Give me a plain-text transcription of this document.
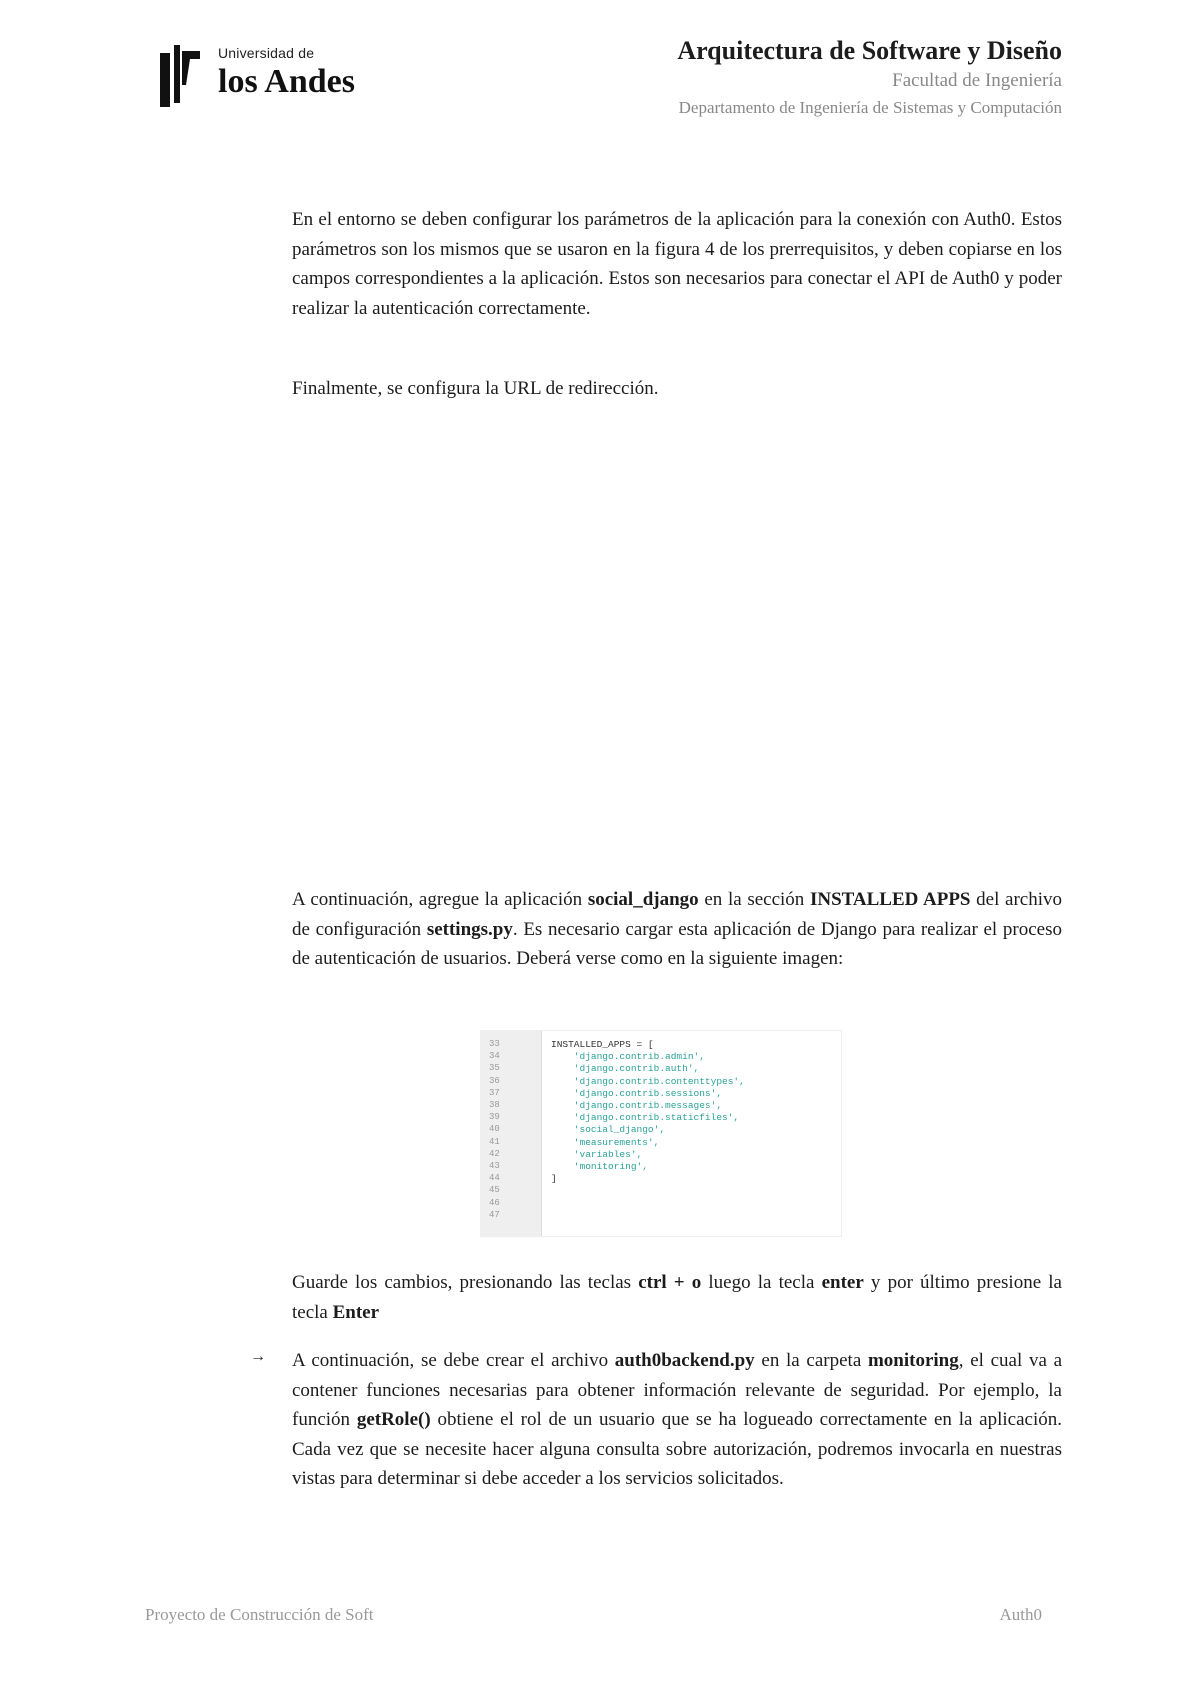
Universidad de
los Andes
Arquitectura de Software y Diseño
Facultad de Ingeniería
Departamento de Ingeniería de Sistemas y Computación

En el entorno se deben configurar los parámetros de la aplicación para la conexión con Auth0. Estos parámetros son los mismos que se usaron en la figura 4 de los prerrequisitos, y deben copiarse en los campos correspondientes a la aplicación. Estos son necesarios para conectar el API de Auth0 y poder realizar la autenticación correctamente.

Finalmente, se configura la URL de redirección.

A continuación, agregue la aplicación social_django en la sección INSTALLED APPS del archivo de configuración settings.py. Es necesario cargar esta aplicación de Django para realizar el proceso de autenticación de usuarios. Deberá verse como en la siguiente imagen:

33
34
35
36
37
38
39
40
41
42
43
44
45
46
47
INSTALLED_APPS = [
'django.contrib.admin',
'django.contrib.auth',
'django.contrib.contenttypes',
'django.contrib.sessions',
'django.contrib.messages',
'django.contrib.staticfiles',
'social_django',
'measurements',
'variables',
'monitoring',
]

Guarde los cambios, presionando las teclas ctrl + o luego la tecla enter y por último presione la tecla Enter

→ A continuación, se debe crear el archivo auth0backend.py en la carpeta monitoring, el cual va a contener funciones necesarias para obtener información relevante de seguridad. Por ejemplo, la función getRole() obtiene el rol de un usuario que se ha logueado correctamente en la aplicación. Cada vez que se necesite hacer alguna consulta sobre autorización, podremos invocarla en nuestras vistas para determinar si debe acceder a los servicios solicitados.

Proyecto de Construcción de Soft	Auth0
